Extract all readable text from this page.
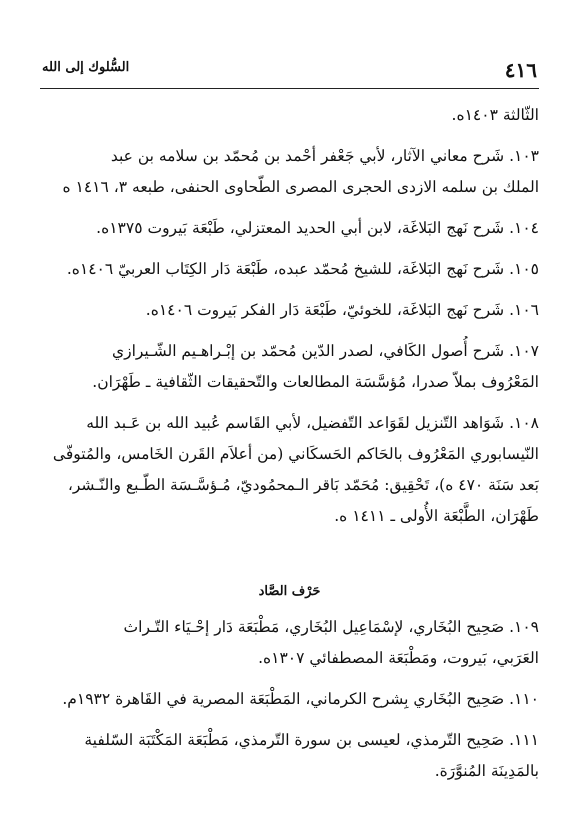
٤١٦
السُّلوك إلى الله
الثّالثة ١٤٠٣ه.
١٠٣. شَرح معاني الآثار، لأبي جَعْفر أحْمد بن مُحمّد بن سلامه بن عبد
الملك بن سلمه الازدى الحجرى المصرى الطّحاوى الحنفى، طبعه ٣، ١٤١٦ ه
١٠٤. شَرح نَهج البَلاغَة، لابن أبي الحديد المعتزلي، طَبْعَة بَيروت ١٣٧٥ه.
١٠٥. شَرح نَهج البَلاغَة، للشيخ مُحمّد عبده، طَبْعَة دَار الكِتَاب العربيّ ١٤٠٦ه.
١٠٦. شَرح نَهج البَلاغَة، للخوئيّ، طَبْعَة دَار الفكر بَيروت ١٤٠٦ه.
١٠٧. شَرح أُصول الكَافي، لصدر الدّين مُحمّد بن إبْـراهـيم الشّـيرازي
المَعْرُوف بملاّ صدرا، مُؤسَّسَة المطالعات والتّحقيقات الثّقافية ـ طَهْرَان.
١٠٨. شَوَاهد التّنزيل لقَوَاعد التّفضيل، لأبي القَاسم عُبيد الله بن عَـبد الله
النّيسابوري المَعْرُوف بالحَاكم الحَسكَاني (من أعلاَم القَرن الخَامس، والمُتوفّى
بَعد سَنَة ٤٧٠ ه)، تَحْقِيق: مُحَمّد بَاقر الـمحمُوديّ، مُـؤسَّـسَة الطّـبع والنّـشر،
طَهْرَان، الطَّبْعَة الأُولى ـ ١٤١١ ه.
حَرْف الصَّاد
١٠٩. صَحِيح البُخَاري، لإسْمَاعِيل البُخَاري، مَطْبَعَة دَار إحْـيَاء التّـراث
العَرَبي، بَيروت، ومَطْبَعَة المصطفائي ١٣٠٧ه.
١١٠. صَحِيح البُخَاري بِشرح الكرماني، المَطْبَعَة المصرية في القَاهرة ١٩٣٢م.
١١١. صَحِيح التّرمذي، لعيسى بن سورة التّرمذي، مَطْبَعَة المَكْتَبَة السّلفية
بالمَدِينَة المُنوَّرَة.
